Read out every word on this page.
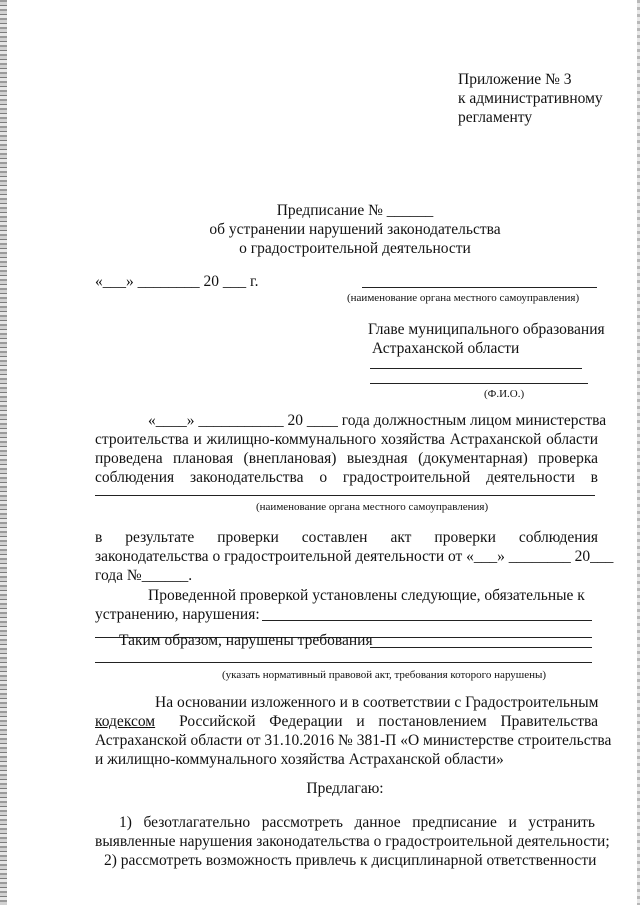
Приложение № 3
к административному
регламенту
Предписание № ______
об устранении нарушений законодательства
о градостроительной деятельности
«___» ________ 20 ___ г.
(наименование органа местного самоуправления)
Главе муниципального образования
Астраханской области
(Ф.И.О.)
«____» ___________ 20 ____ года должностным лицом министерства
строительства и жилищно-коммунального хозяйства Астраханской области
проведена плановая (внеплановая) выездная (документарная) проверка
соблюдения законодательства о градостроительной деятельности в
(наименование органа местного самоуправления)
в результате проверки составлен акт проверки соблюдения
законодательства о градостроительной деятельности от «___» ________ 20___
года №______.
Проведенной проверкой установлены следующие, обязательные к
устранению, нарушения:
Таким образом, нарушены требования
(указать нормативный правовой акт, требования которого нарушены)
На основании изложенного и в соответствии с Градостроительным
кодексом Российской Федерации и постановлением Правительства
Астраханской области от 31.10.2016 № 381-П «О министерстве строительства
и жилищно-коммунального хозяйства Астраханской области»
Предлагаю:
1) безотлагательно рассмотреть данное предписание и устранить
выявленные нарушения законодательства о градостроительной деятельности;
2) рассмотреть возможность привлечь к дисциплинарной ответственности
